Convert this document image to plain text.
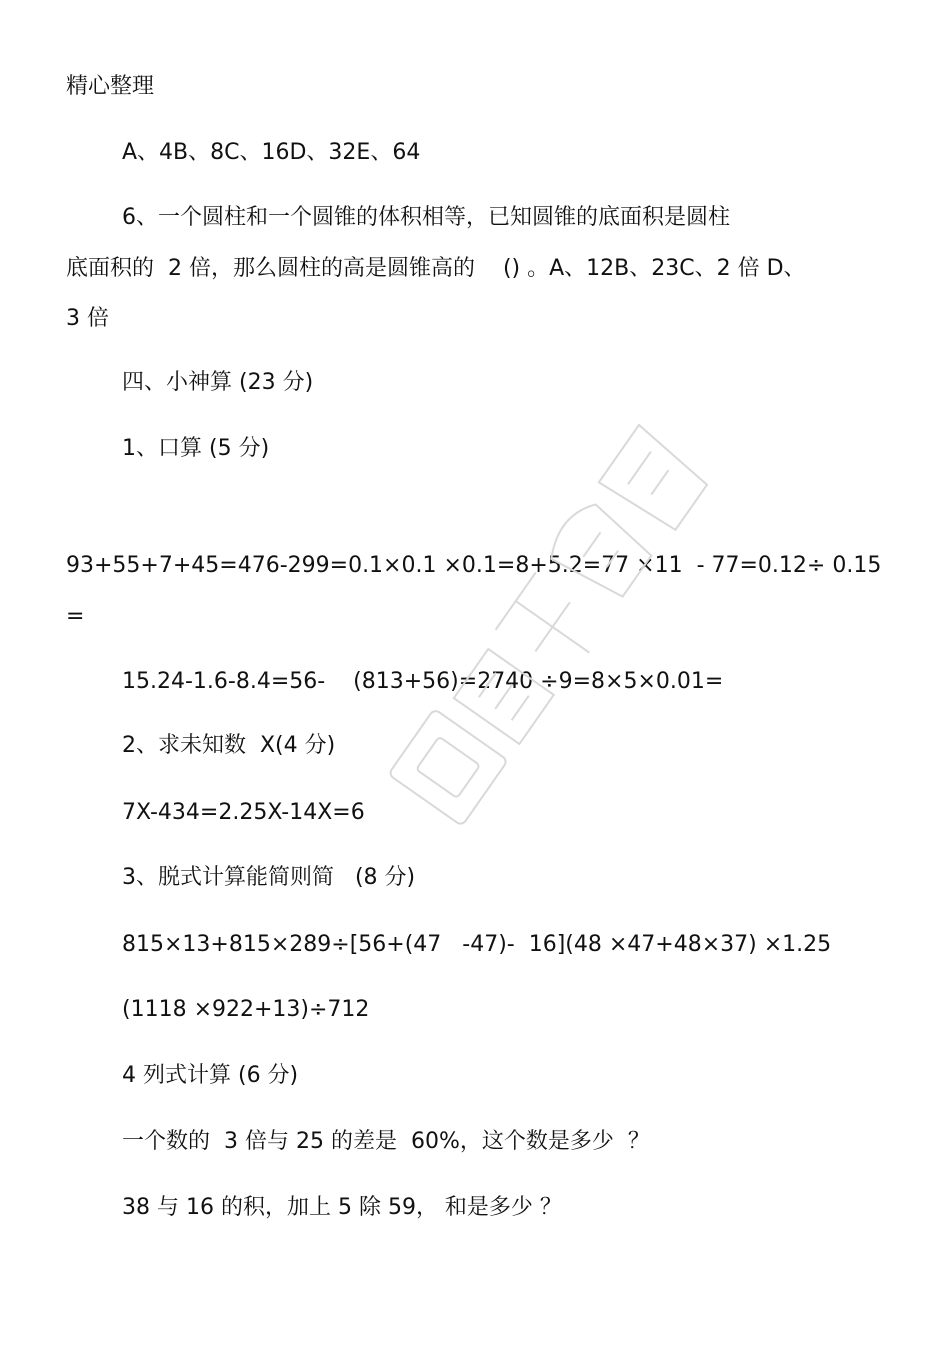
精心整理
A、4B、8C、16D、32E、64
6、一个圆柱和一个圆锥的体积相等，已知圆锥的底面积是圆柱
底面积的  2 倍，那么圆柱的高是圆锥高的    () 。A、12B、23C、2 倍 D、
3 倍
四、小神算 (23 分)
1、口算 (5 分)
93+55+7+45=476-299=0.1×0.1 ×0.1=8+5.2=77 ×11  - 77=0.12÷ 0.15
=
15.24-1.6-8.4=56-    (813+56)=2740 ÷9=8×5×0.01=
2、求未知数  X(4 分)
7X-434=2.25X-14X=6
3、脱式计算能简则简   (8 分)
815×13+815×289÷[56+(47   -47)-  16](48 ×47+48×37) ×1.25
(1118 ×922+13)÷712
4 列式计算 (6 分)
一个数的  3 倍与 25 的差是  60%，这个数是多少  ？
38 与 16 的积，加上 5 除 59， 和是多少 ？
